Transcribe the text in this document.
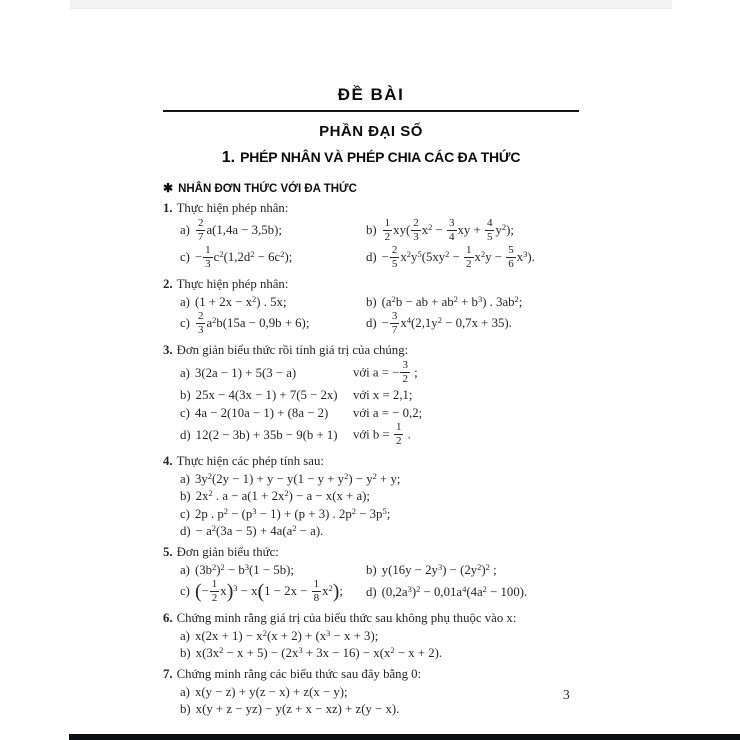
ĐỀ BÀI
PHẦN ĐẠI SỐ
1. PHÉP NHÂN VÀ PHÉP CHIA CÁC ĐA THỨC
✱ NHÂN ĐƠN THỨC VỚI ĐA THỨC
1. Thực hiện phép nhân:
$a) \frac{2}{7} a(1,4a - 3,5b)$;	$b) \frac{1}{2} xy( \frac{2}{3} x^2 - \frac{3}{4}$ xy + $\frac{4}{5} y^2$);
$c) - \frac{1}{3} c^2(1,2d^2 - 6c^2)$;	$d) - \frac{2}{5} x^2y^5(5xy^2 - \frac{1}{2} x^2y - \frac{5}{6} x^3)$.
2. Thực hiện phép nhân:
a) $(1 + 2x - x^2)$ . 5x;	b) ($a^2b$ − ab + $ab^2 + b^3$) . $3ab^2$;
$c) \frac{2}{3} a^2b(15a - 0,9b + 6)$;	$d) - \frac{3}{7} x^4(2,1y^2 - 0,7x + 35)$.
3. Đơn giản biểu thức rồi tính giá trị của chúng:
a) 3(2a − 1) + 5(3 − a)	với a = − $\frac{3}{2}$ ;
b) 25x − 4(3x − 1) + 7(5 − 2x)	với x = 2,1;
c) 4a − 2(10a − 1) + (8a − 2)	với a = − 0,2;
d) 12(2 − 3b) + 35b − 9(b + 1)	với $b = \frac{1}{2}$ .
4. Thực hiện các phép tính sau:
a) $3y^2(2y - 1) + y - y(1 - y + y^2) - y^2 + y$;
b) $2x^2$ . $a - a(1 + 2x^2) - a - x(x + a)$;
c) 2p . $p^2 - (p^3 - 1) + (p + 3)$ . $2p^2 - 3p^5$;
$d) - a^2(3a - 5) + 4a(a^2 - a)$.
5. Đơn giản biểu thức:
a) $(3b^2)^2 - b^3(1 - 5b)$;	b) $y(16y - 2y^3) - (2y^2)^2$ ;
c) (− $\frac{1}{2} x)^3 - x(1 - 2x - \frac{1}{8} x^2)$;	d) $(0,2a^3)^2 - 0,01a^4(4a^2 - 100)$.
6. Chứng minh rằng giá trị của biểu thức sau không phụ thuộc vào x:
a) $x(2x + 1) - x^2(x + 2) + (x^3 - x + 3)$;
b) $x(3x^2 - x + 5) - (2x^3 + 3x - 16) - x(x^2 - x + 2)$.
7. Chứng minh rằng các biểu thức sau đây bằng 0:
a) x(y − z) + y(z − x) + z(x − y);
b) x(y + z − yz) − y(z + x − xz) + z(y − x).
3
